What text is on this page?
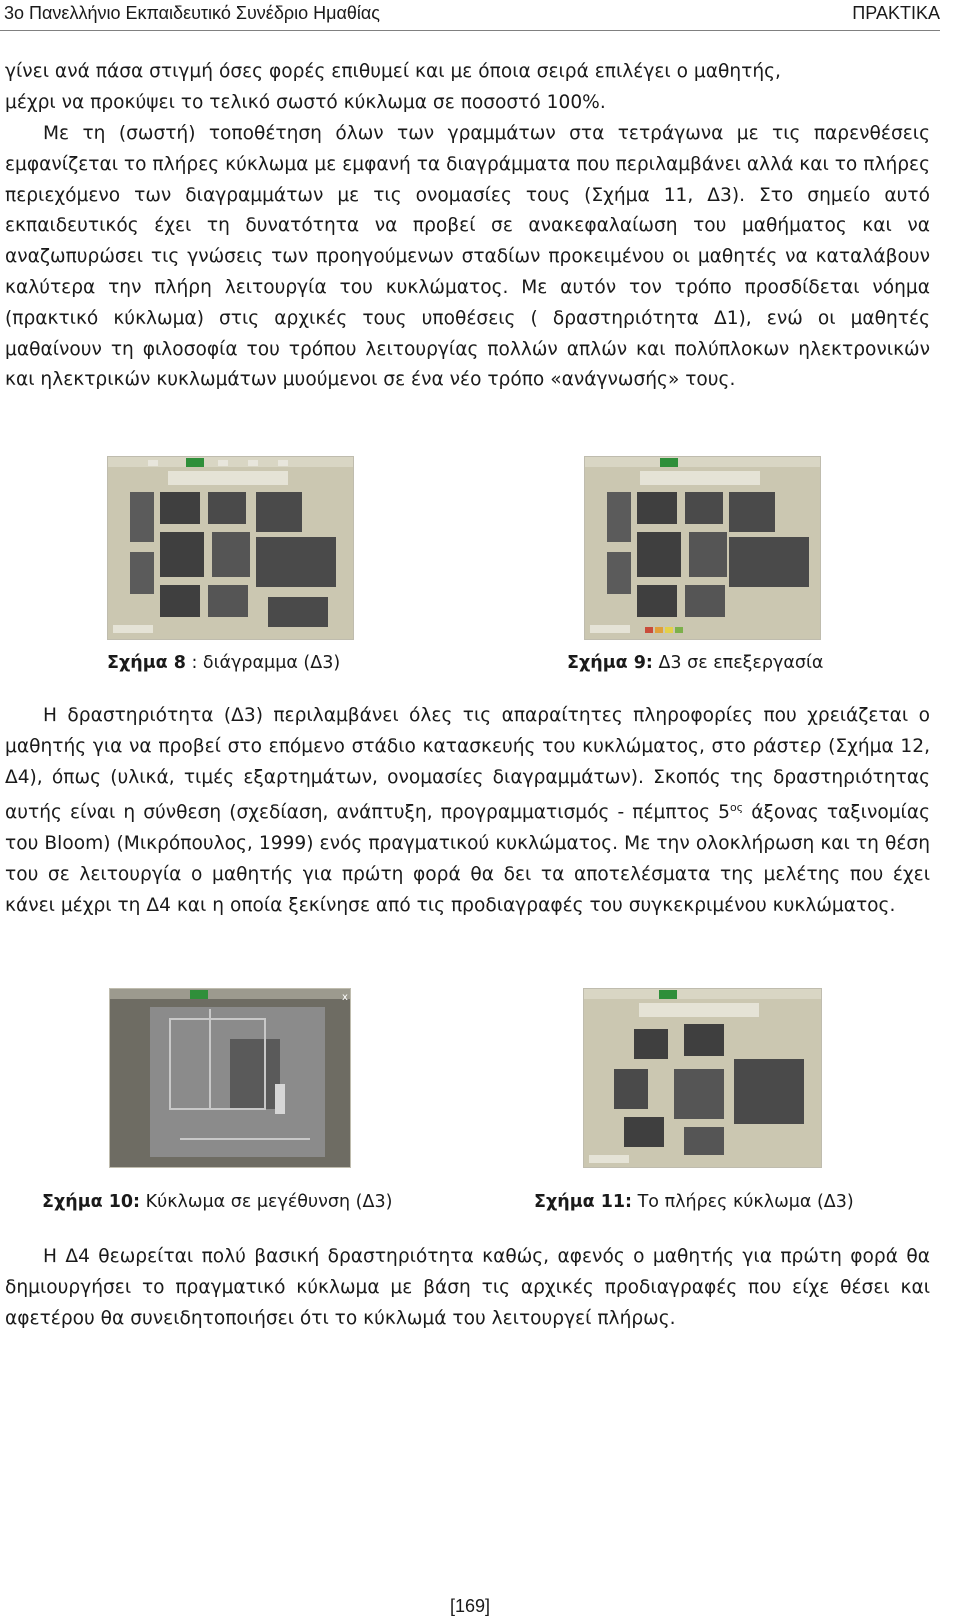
3ο Πανελλήνιο Εκπαιδευτικό Συνέδριο Ημαθίας	ΠΡΑΚΤΙΚΑ

γίνει ανά πάσα στιγμή όσες φορές επιθυμεί και με όποια σειρά επιλέγει ο μαθητής,
μέχρι να προκύψει το τελικό σωστό κύκλωμα σε ποσοστό 100%.

Με τη (σωστή) τοποθέτηση όλων των γραμμάτων στα τετράγωνα με τις παρενθέσεις εμφανίζεται το πλήρες κύκλωμα με εμφανή τα διαγράμματα που περιλαμβάνει αλλά και το πλήρες περιεχόμενο των διαγραμμάτων με τις ονομασίες τους (Σχήμα 11, Δ3). Στο σημείο αυτό εκπαιδευτικός έχει τη δυνατότητα να προβεί σε ανακεφαλαίωση του μαθήματος και να αναζωπυρώσει τις γνώσεις των προηγούμενων σταδίων προκειμένου οι μαθητές να καταλάβουν καλύτερα την πλήρη λειτουργία του κυκλώματος. Με αυτόν τον τρόπο προσδίδεται νόημα (πρακτικό κύκλωμα) στις αρχικές τους υποθέσεις ( δραστηριότητα Δ1), ενώ οι μαθητές μαθαίνουν τη φιλοσοφία του τρόπου λειτουργίας πολλών απλών και πολύπλοκων ηλεκτρονικών και ηλεκτρικών κυκλωμάτων μυούμενοι σε ένα νέο τρόπο «ανάγνωσής» τους.

Σχήμα 8 : διάγραμμα (Δ3)	Σχήμα 9: Δ3 σε επεξεργασία

Η δραστηριότητα (Δ3) περιλαμβάνει όλες τις απαραίτητες πληροφορίες που χρειάζεται ο μαθητής για να προβεί στο επόμενο στάδιο κατασκευής του κυκλώματος, στο ράστερ (Σχήμα 12, Δ4), όπως (υλικά, τιμές εξαρτημάτων, ονομασίες διαγραμμάτων). Σκοπός της δραστηριότητας αυτής είναι η σύνθεση (σχεδίαση, ανάπτυξη, προγραμματισμός - πέμπτος $5^{o\varsigma}$ άξονας ταξινομίας του Bloom) (Μικρόπουλος, 1999) ενός πραγματικού κυκλώματος. Με την ολοκλήρωση και τη θέση του σε λειτουργία ο μαθητής για πρώτη φορά θα δει τα αποτελέσματα της μελέτης που έχει κάνει μέχρι τη Δ4 και η οποία ξεκίνησε από τις προδιαγραφές του συγκεκριμένου κυκλώματος.

x
Σχήμα 10: Κύκλωμα σε μεγέθυνση (Δ3)	Σχήμα 11: Το πλήρες κύκλωμα (Δ3)

Η Δ4 θεωρείται πολύ βασική δραστηριότητα καθώς, αφενός ο μαθητής για πρώτη φορά θα δημιουργήσει το πραγματικό κύκλωμα με βάση τις αρχικές προδιαγραφές που είχε θέσει και αφετέρου θα συνειδητοποιήσει ότι το κύκλωμά του λειτουργεί πλήρως.

[169]
